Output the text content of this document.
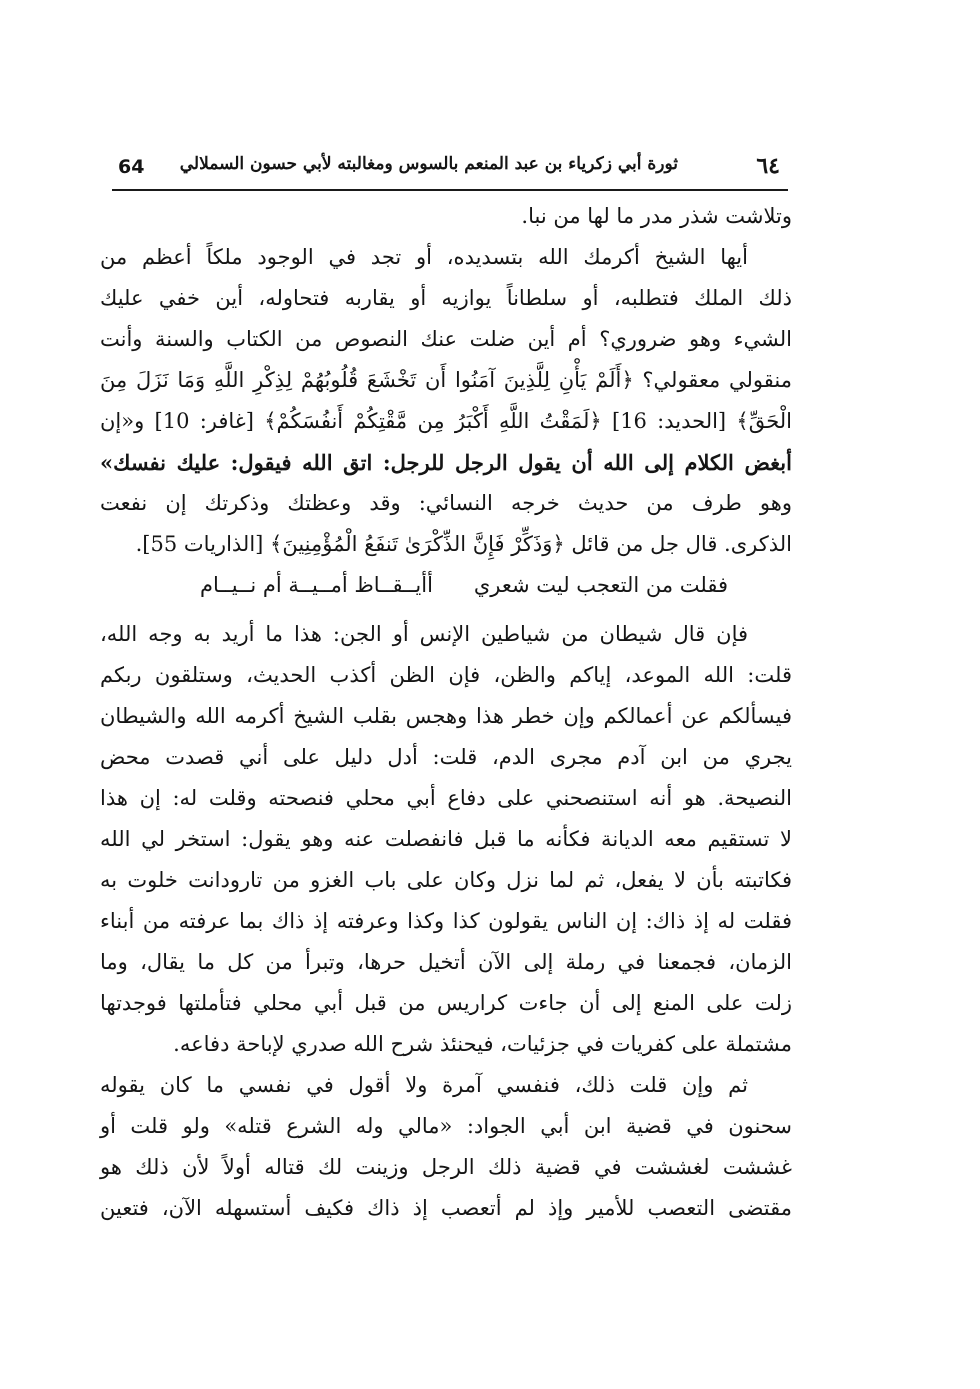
64 ثورة أبي زكرياء بن عبد المنعم بالسوس ومغالبته لأبي حسون السملالي	٦٤
وتلاشت شذر مدر ما لها من نبا.
أيها الشيخ أكرمك الله بتسديده، أو تجد في الوجود ملكاً أعظم من
ذلك الملك فتطلبه، أو سلطاناً يوازيه أو يقاربه فتحاوله، أين خفي عليك
الشيء وهو ضروري؟ أم أين ضلت عنك النصوص من الكتاب والسنة وأنت
منقولي معقولي؟ ﴿أَلَمْ يَأْنِ لِلَّذِينَ آمَنُوا أَن تَخْشَعَ قُلُوبُهُمْ لِذِكْرِ اللَّهِ وَمَا نَزَلَ مِنَ
الْحَقِّ﴾ [الحديد: 16] ﴿لَمَقْتُ اللَّهِ أَكْبَرُ مِن مَّقْتِكُمْ أَنفُسَكُمْ﴾ [غافر: 10] و«إن
أبغض الكلام إلى الله أن يقول الرجل للرجل: اتق الله فيقول: عليك نفسك»
وهو طرف من حديث خرجه النسائي: وقد وعظتك وذكرتك إن نفعت
الذكرى. قال جل من قائل ﴿وَذَكِّرْ فَإِنَّ الذِّكْرَىٰ تَنفَعُ الْمُؤْمِنِينَ﴾ [الذاريات 55].
فقلت من التعجب ليت شعري
أأيــقــاظ أمــيــة أم نــيــام
فإن قال شيطان من شياطين الإنس أو الجن: هذا ما أريد به وجه الله،
قلت: الله الموعد، إياكم والظن، فإن الظن أكذب الحديث، وستلقون ربكم
فيسألكم عن أعمالكم وإن خطر هذا وهجس بقلب الشيخ أكرمه الله والشيطان
يجري من ابن آدم مجرى الدم، قلت: أدل دليل على أني قصدت محض
النصيحة. هو أنه استنصحني على دفاع أبي محلي فنصحته وقلت له: إن هذا
لا تستقيم معه الديانة فكأنه ما قبل فانفصلت عنه وهو يقول: استخر لي الله
فكاتبته بأن لا يفعل، ثم لما نزل وكان على باب الغزو من تارودانت خلوت به
فقلت له إذ ذاك: إن الناس يقولون كذا وكذا وعرفته إذ ذاك بما عرفته من أبناء
الزمان، فجمعنا في رملة إلى الآن أتخيل حرها، وتبرأ من كل ما يقال، وما
زلت على المنع إلى أن جاءت كراريس من قبل أبي محلي فتأملتها فوجدتها
مشتملة على كفريات في جزئيات، فيحنئذ شرح الله صدري لإباحة دفاعه.
ثم وإن قلت ذلك، فنفسي آمرة ولا أقول في نفسي ما كان يقوله
سحنون في قضية ابن أبي الجواد: «مالي وله الشرع قتله» ولو قلت أو
غششت لغششت في قضية ذلك الرجل وزينت لك قتاله أولاً لأن ذلك هو
مقتضى التعصب للأمير وإذ لم أتعصب إذ ذاك فكيف أستسهله الآن، فتعين
